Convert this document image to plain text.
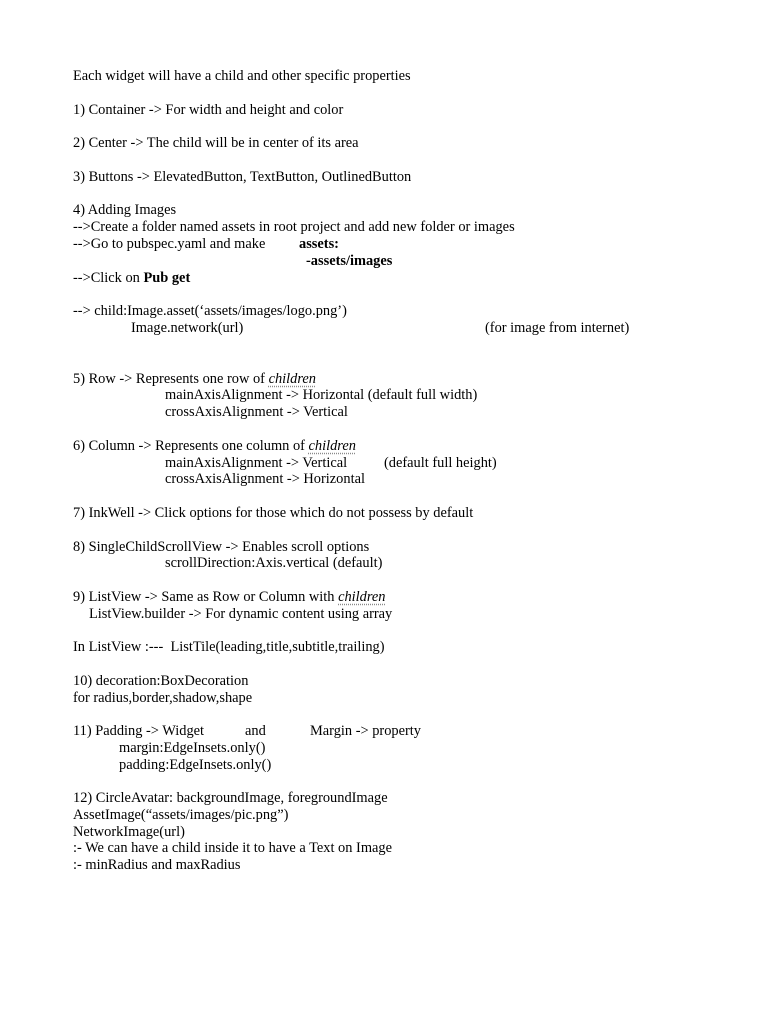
Each widget will have a child and other specific properties
1) Container -> For width and height and color
2) Center -> The child will be in center of its area
3) Buttons -> ElevatedButton, TextButton, OutlinedButton
4) Adding Images
-->Create a folder named assets in root project and add new folder or images
-->Go to pubspec.yaml and make assets:
-assets/images
-->Click on Pub get
--> child:Image.asset(‘assets/images/logo.png’)
Image.network(url)	(for image from internet)
5) Row -> Represents one row of children
mainAxisAlignment -> Horizontal (default full width)
crossAxisAlignment -> Vertical
6) Column -> Represents one column of children
mainAxisAlignment -> Vertical	(default full height)
crossAxisAlignment -> Horizontal
7) InkWell -> Click options for those which do not possess by default
8) SingleChildScrollView -> Enables scroll options
scrollDirection:Axis.vertical (default)
9) ListView -> Same as Row or Column with children
ListView.builder -> For dynamic content using array
In ListView :---  ListTile(leading,title,subtitle,trailing)
10) decoration:BoxDecoration
for radius,border,shadow,shape
11) Padding -> Widget	and	Margin -> property
margin:EdgeInsets.only()
padding:EdgeInsets.only()
12) CircleAvatar: backgroundImage, foregroundImage
AssetImage(“assets/images/pic.png”)
NetworkImage(url)
:- We can have a child inside it to have a Text on Image
:- minRadius and maxRadius
